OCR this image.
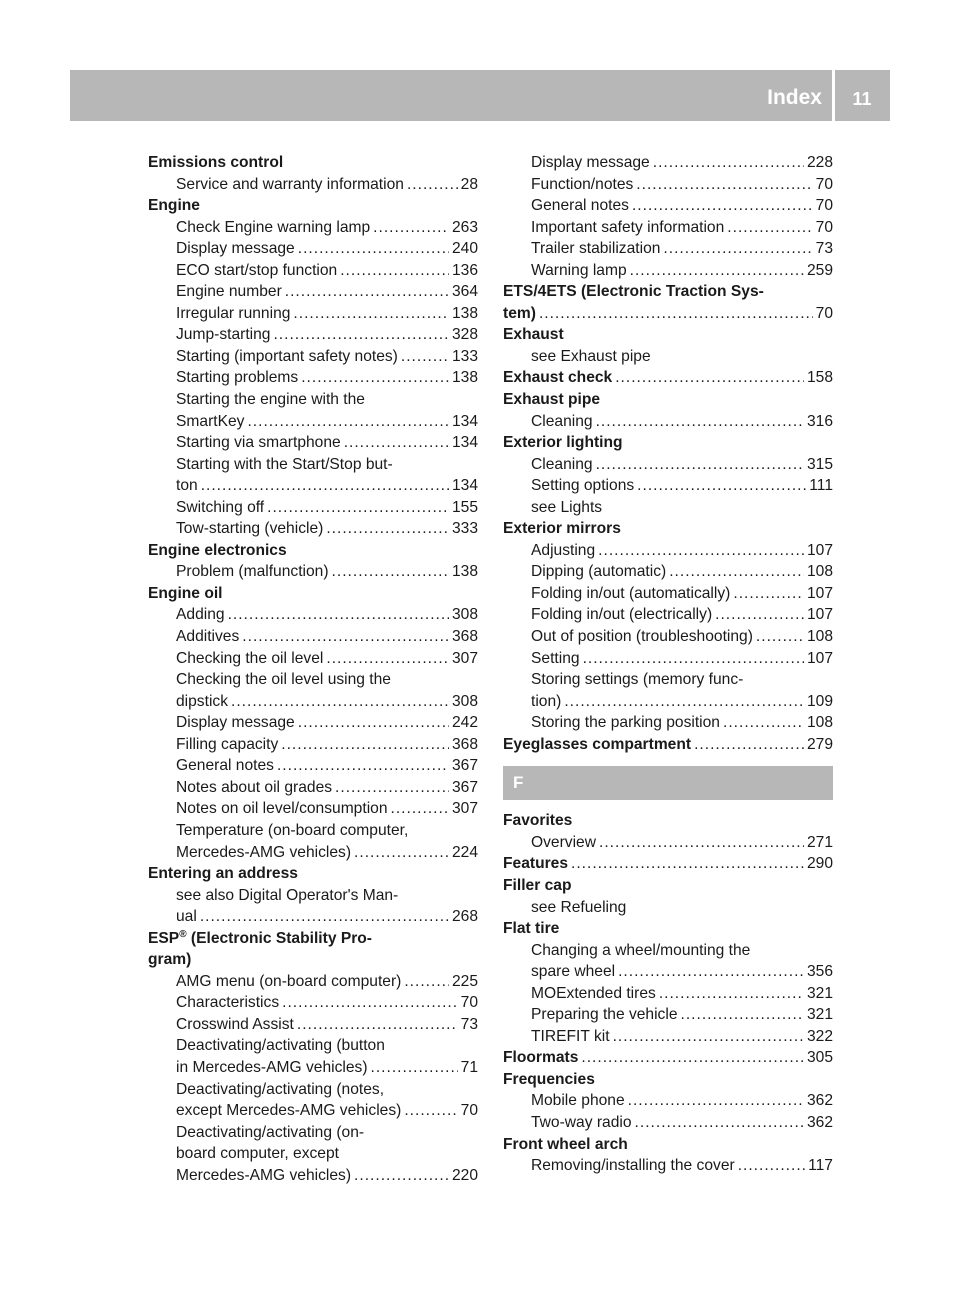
Index	11
Emissions control
Service and warranty information .....	28
Engine
Check Engine warning lamp .....	263
Display message .....	240
ECO start/stop function .....	136
Engine number .....	364
Irregular running .....	138
Jump-starting .....	328
Starting (important safety notes) .....	133
Starting problems .....	138
Starting the engine with the
SmartKey .....	134
Starting via smartphone .....	134
Starting with the Start/Stop but-
ton .....	134
Switching off .....	155
Tow-starting (vehicle) .....	333
Engine electronics
Problem (malfunction) .....	138
Engine oil
Adding .....	308
Additives .....	368
Checking the oil level .....	307
Checking the oil level using the
dipstick .....	308
Display message .....	242
Filling capacity .....	368
General notes .....	367
Notes about oil grades .....	367
Notes on oil level/consumption .....	307
Temperature (on-board computer,
Mercedes-AMG vehicles) .....	224
Entering an address
see also Digital Operator's Man-
ual .....	268
ESP® (Electronic Stability Pro-
gram)
AMG menu (on-board computer) .....	225
Characteristics .....	70
Crosswind Assist .....	73
Deactivating/activating (button
in Mercedes-AMG vehicles) .....	71
Deactivating/activating (notes,
except Mercedes-AMG vehicles) .....	70
Deactivating/activating (on-
board computer, except
Mercedes-AMG vehicles) .....	220
Display message .....	228
Function/notes .....	70
General notes .....	70
Important safety information .....	70
Trailer stabilization .....	73
Warning lamp .....	259
ETS/4ETS (Electronic Traction Sys-
tem) .....	70
Exhaust
see Exhaust pipe
Exhaust check .....	158
Exhaust pipe
Cleaning .....	316
Exterior lighting
Cleaning .....	315
Setting options .....	111
see Lights
Exterior mirrors
Adjusting .....	107
Dipping (automatic) .....	108
Folding in/out (automatically) .....	107
Folding in/out (electrically) .....	107
Out of position (troubleshooting) .....	108
Setting .....	107
Storing settings (memory func-
tion) .....	109
Storing the parking position .....	108
Eyeglasses compartment .....	279
F
Favorites
Overview .....	271
Features .....	290
Filler cap
see Refueling
Flat tire
Changing a wheel/mounting the
spare wheel .....	356
MOExtended tires .....	321
Preparing the vehicle .....	321
TIREFIT kit .....	322
Floormats .....	305
Frequencies
Mobile phone .....	362
Two-way radio .....	362
Front wheel arch
Removing/installing the cover .....	117
